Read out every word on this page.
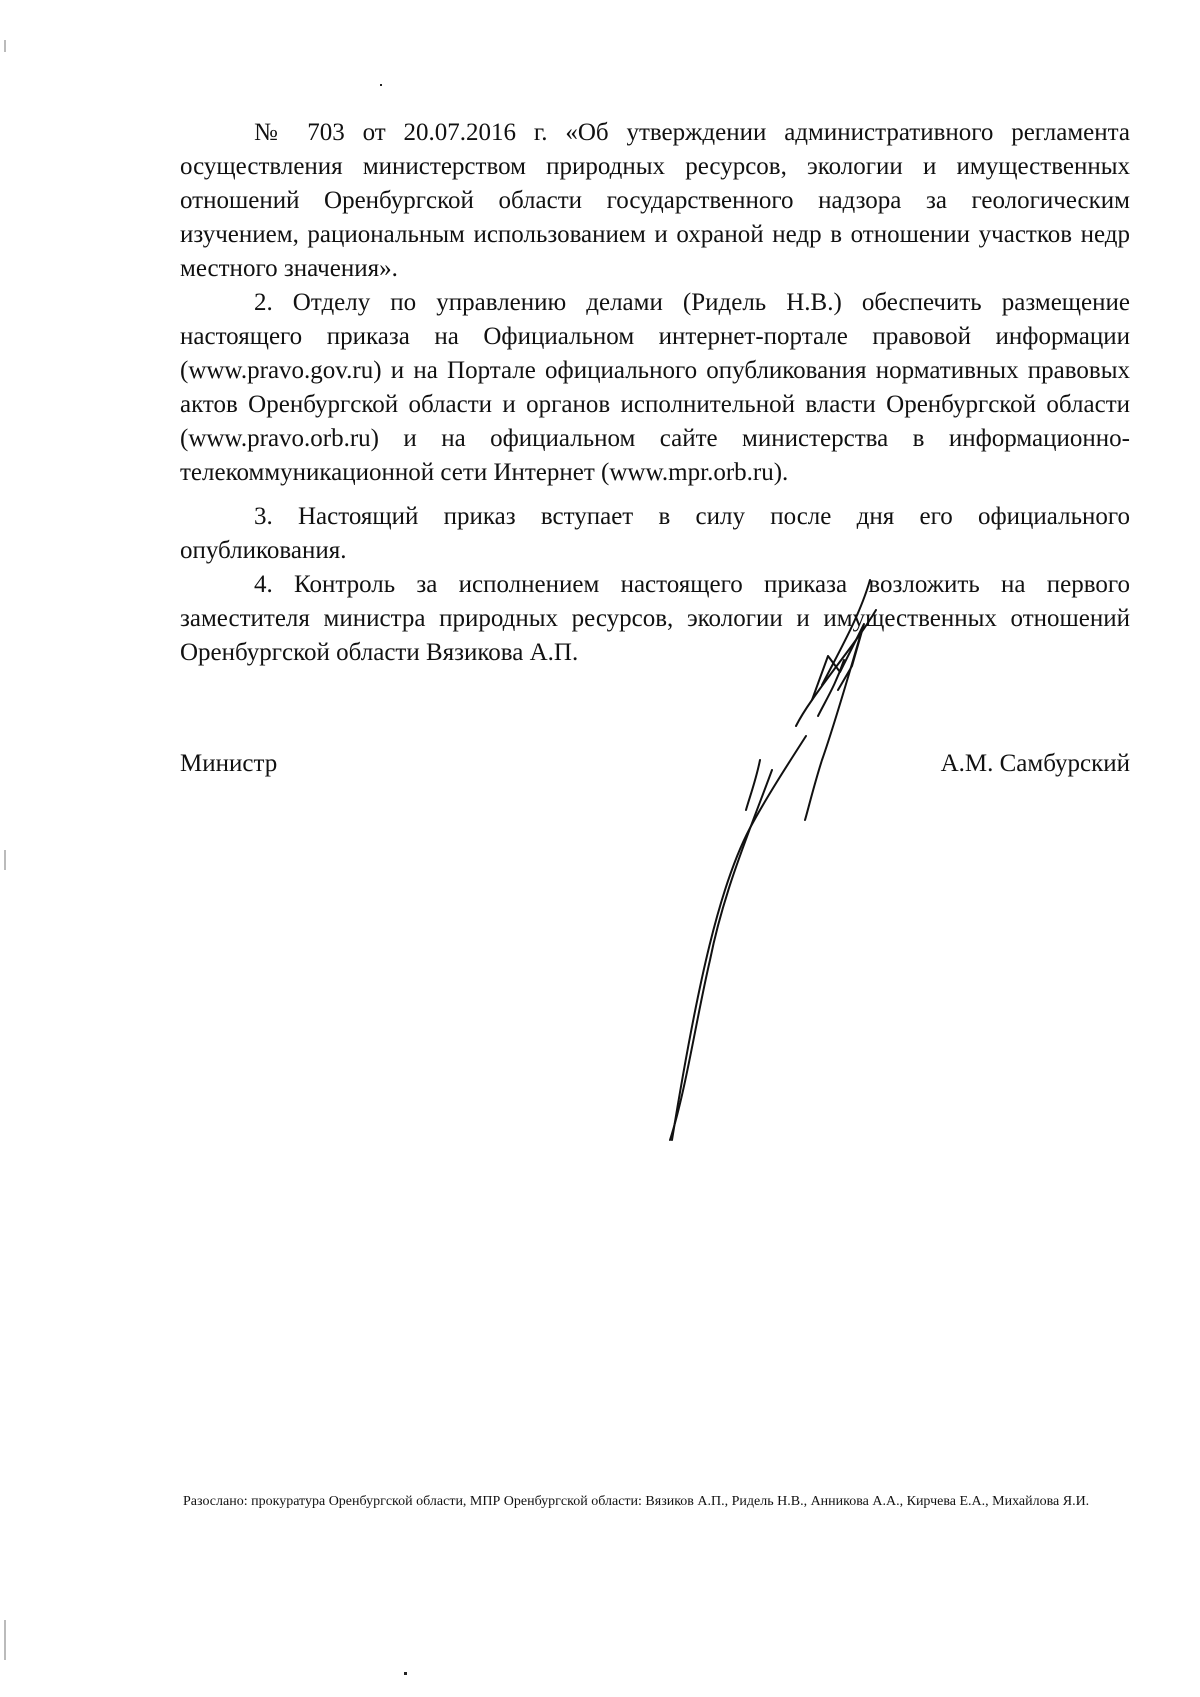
№ 703 от 20.07.2016 г. «Об утверждении административного регламента осуществления министерством природных ресурсов, экологии и имущественных отношений Оренбургской области государственного надзора за геологическим изучением, рациональным использованием и охраной недр в отношении участков недр местного значения».

2. Отделу по управлению делами (Ридель Н.В.) обеспечить размещение настоящего приказа на Официальном интернет-портале правовой информации (www.pravo.gov.ru) и на Портале официального опубликования нормативных правовых актов Оренбургской области и органов исполнительной власти Оренбургской области (www.pravo.orb.ru) и на официальном сайте министерства в информационно-телекоммуникационной сети Интернет (www.mpr.orb.ru).

3. Настоящий приказ вступает в силу после дня его официального опубликования.

4. Контроль за исполнением настоящего приказа возложить на первого заместителя министра природных ресурсов, экологии и имущественных отношений Оренбургской области Вязикова А.П.

Министр	А.М. Самбурский
Разослано: прокуратура Оренбургской области, МПР Оренбургской области: Вязиков А.П., Ридель Н.В., Анникова А.А., Кирчева Е.А., Михайлова Я.И.
